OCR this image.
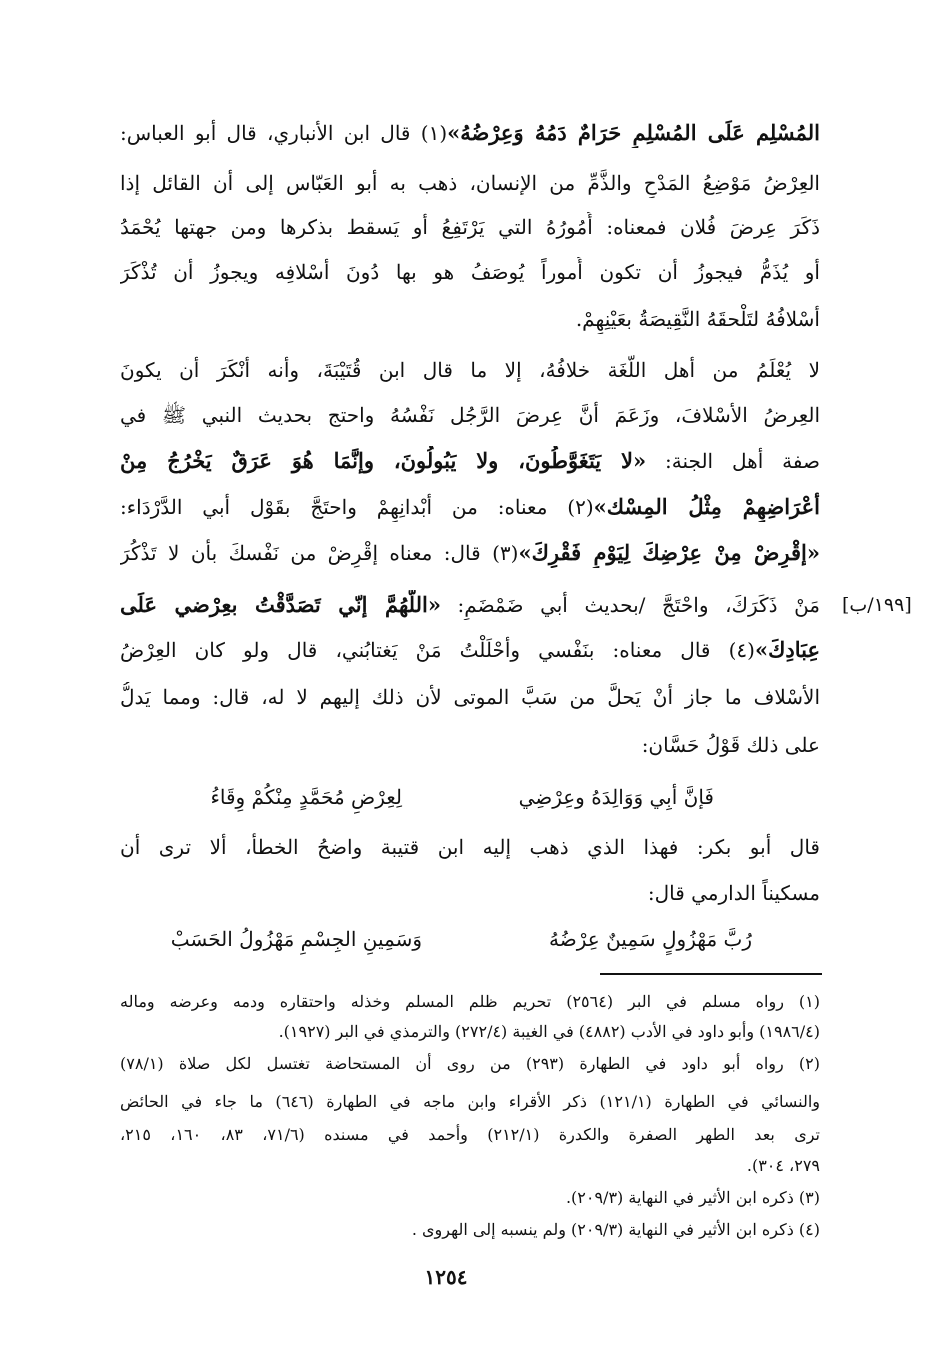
[١٩٩/ب]
المُسْلِم عَلَى المُسْلِمِ حَرَامٌ دَمُهُ وَعِرْضُهُ»(١) قال ابن الأنباري، قال أبو العباس:
العِرْضُ مَوْضِعُ المَدْحِ والذَّمِّ من الإنسان، ذهب به أبو العَبّاس إلى أن القائل إذا
ذَكَرَ عِرضَ فُلان فمعناه: أُمُورُهُ التي يَرْتَفِعُ أو يَسقط بذكرها ومن جهتها يُحْمَدُ
أو يُذَمُّ فيجوزُ أن تكون أُموراً يُوصَفُ هو بها دُونَ أسْلافِه ويجوزُ أن تُذْكَرَ
أسْلافُهُ لتَلْحقَهُ النَّقِيصَةُ بعَيْنِهِمْ.
لا يُعْلَمُ من أهل اللُّغَة خلافُهُ، إلا ما قال ابن قُتَيْبَةَ، وأنه أنْكَرَ أن يكونَ
العِرضُ الأسْلافَ، وزَعَمَ أنَّ عِرضَ الرَّجُل نَفْسُهُ واحتج بحديث النبي ﷺ في
صفة أهل الجنة: «لا يَتَغَوَّطُونَ، ولا يَبُولُونَ، وإنَّمَا هُوَ عَرَقٌ يَخْرُجُ مِنْ
أعْرَاضِهِمْ مِثْلُ المِسْك»(٢) معناه: من أبْدانِهِمْ واحتَجَّ بقَوْل أبي الدَّرْدَاء:
«إقْرِضْ مِنْ عِرْضِكَ لِيَوْمِ فَقْرِكَ»(٣) قال: معناه إقْرِضْ من نَفْسكَ بأن لا تَذْكُرَ
مَنْ ذَكَرَكَ، واحْتَجَّ /بحديث أبي ضَمْضَمٍ: «اللَّهُمَّ إنّي تَصَدَّقْتُ بعِرْضي عَلَى
عِبَادِكَ»(٤) قال معناه: بنَفْسي وأحْلَلْتُ مَنْ يَغتابُني، قال ولو كان العِرْضُ
الأسْلاف ما جاز أنْ يَحلَّ من سَبَّ الموتى لأن ذلك إليهم لا له، قال: ومما يَدلُّ
على ذلك قَوْلُ حَسَّان:
فَإنَّ أبِي وَوَالِدَهُ وعِرْضِي
لِعِرْضِ مُحَمَّدٍ مِنْكُمْ وِقَاءُ
قال أبو بكر: فهذا الذي ذهب إليه ابن قتيبة واضحُ الخطأ، ألا ترى أن
مسكيناً الدارمي قال:
رُبَّ مَهْزُولٍ سَمِينٌ عِرْضُهُ
وَسَمِينِ الجِسْمِ مَهْزُولُ الحَسَبْ
(١) رواه مسلم في البر (٢٥٦٤) تحريم ظلم المسلم وخذله واحتقاره ودمه وعرضه وماله
(١٩٨٦/٤) وأبو داود في الأدب (٤٨٨٢) في الغيبة (٢٧٢/٤) والترمذي في البر (١٩٢٧).
(٢) رواه أبو داود في الطهارة (٢٩٣) من روى أن المستحاضة تغتسل لكل صلاة (٧٨/١)
والنسائي في الطهارة (١٢١/١) ذكر الأقراء وابن ماجه في الطهارة (٦٤٦) ما جاء في الحائض
ترى بعد الطهر الصفرة والكدرة (٢١٢/١) وأحمد في مسنده (٧١/٦، ٨٣، ١٦٠، ٢١٥،
٢٧٩، ٣٠٤).
(٣) ذكره ابن الأثير في النهاية (٢٠٩/٣).
(٤) ذكره ابن الأثير في النهاية (٢٠٩/٣) ولم ينسبه إلى الهروى .
١٢٥٤
